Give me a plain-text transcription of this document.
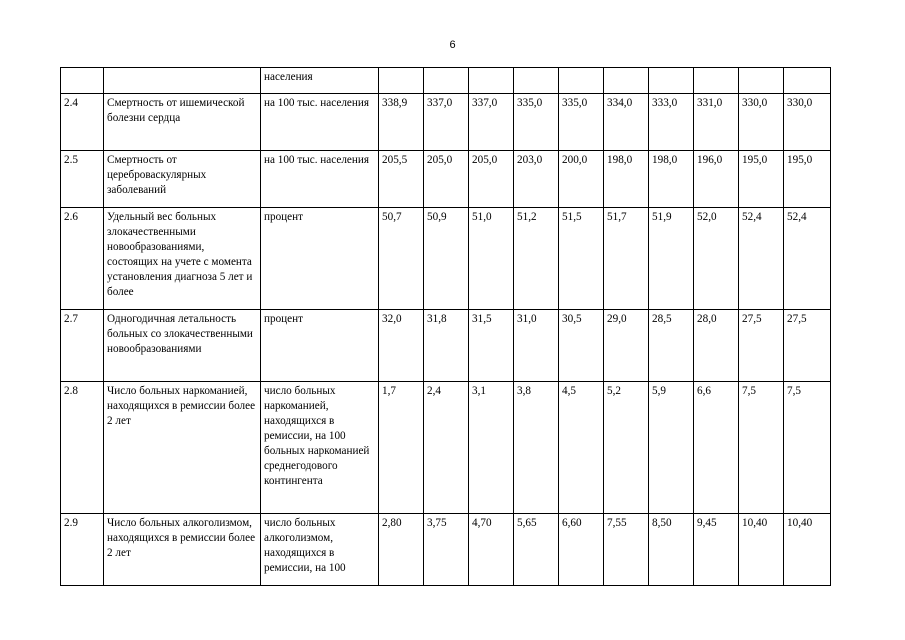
6
		населения										
2.4	Смертность от ишемической болезни сердца	на 100 тыс. населения	338,9	337,0	337,0	335,0	335,0	334,0	333,0	331,0	330,0	330,0
2.5	Смертность от цереброваскулярных заболеваний	на 100 тыс. населения	205,5	205,0	205,0	203,0	200,0	198,0	198,0	196,0	195,0	195,0
2.6	Удельный вес больных злокачественными новообразованиями, состоящих на учете с момента установления диагноза 5 лет и более	процент	50,7	50,9	51,0	51,2	51,5	51,7	51,9	52,0	52,4	52,4
2.7	Одногодичная летальность больных со злокачественными новообразованиями	процент	32,0	31,8	31,5	31,0	30,5	29,0	28,5	28,0	27,5	27,5
2.8	Число больных наркоманией, находящихся в ремиссии более 2 лет	число больных наркоманией, находящихся в ремиссии, на 100 больных наркоманией среднегодового контингента	1,7	2,4	3,1	3,8	4,5	5,2	5,9	6,6	7,5	7,5
2.9	Число больных алкоголизмом, находящихся в ремиссии более 2 лет	число больных алкоголизмом, находящихся в ремиссии, на 100	2,80	3,75	4,70	5,65	6,60	7,55	8,50	9,45	10,40	10,40
